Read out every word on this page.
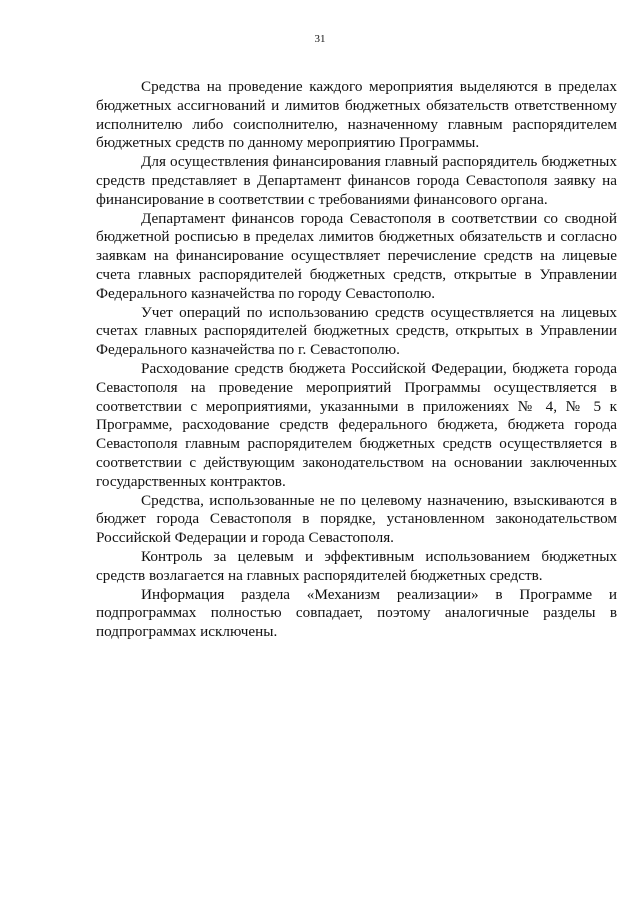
31

Средства на проведение каждого мероприятия выделяются в пределах бюджетных ассигнований и лимитов бюджетных обязательств ответственному исполнителю либо соисполнителю, назначенному главным распорядителем бюджетных средств по данному мероприятию Программы.

Для осуществления финансирования главный распорядитель бюджетных средств представляет в Департамент финансов города Севастополя заявку на финансирование в соответствии с требованиями финансового органа.

Департамент финансов города Севастополя в соответствии со сводной бюджетной росписью в пределах лимитов бюджетных обязательств и согласно заявкам на финансирование осуществляет перечисление средств на лицевые счета главных распорядителей бюджетных средств, открытые в Управлении Федерального казначейства по городу Севастополю.

Учет операций по использованию средств осуществляется на лицевых счетах главных распорядителей бюджетных средств, открытых в Управлении Федерального казначейства по г. Севастополю.

Расходование средств бюджета Российской Федерации, бюджета города Севастополя на проведение мероприятий Программы осуществляется в соответствии с мероприятиями, указанными в приложениях № 4, № 5 к Программе, расходование средств федерального бюджета, бюджета города Севастополя главным распорядителем бюджетных средств осуществляется в соответствии с действующим законодательством на основании заключенных государственных контрактов.

Средства, использованные не по целевому назначению, взыскиваются в бюджет города Севастополя в порядке, установленном законодательством Российской Федерации и города Севастополя.

Контроль за целевым и эффективным использованием бюджетных средств возлагается на главных распорядителей бюджетных средств.

Информация раздела «Механизм реализации» в Программе и подпрограммах полностью совпадает, поэтому аналогичные разделы в подпрограммах исключены.
